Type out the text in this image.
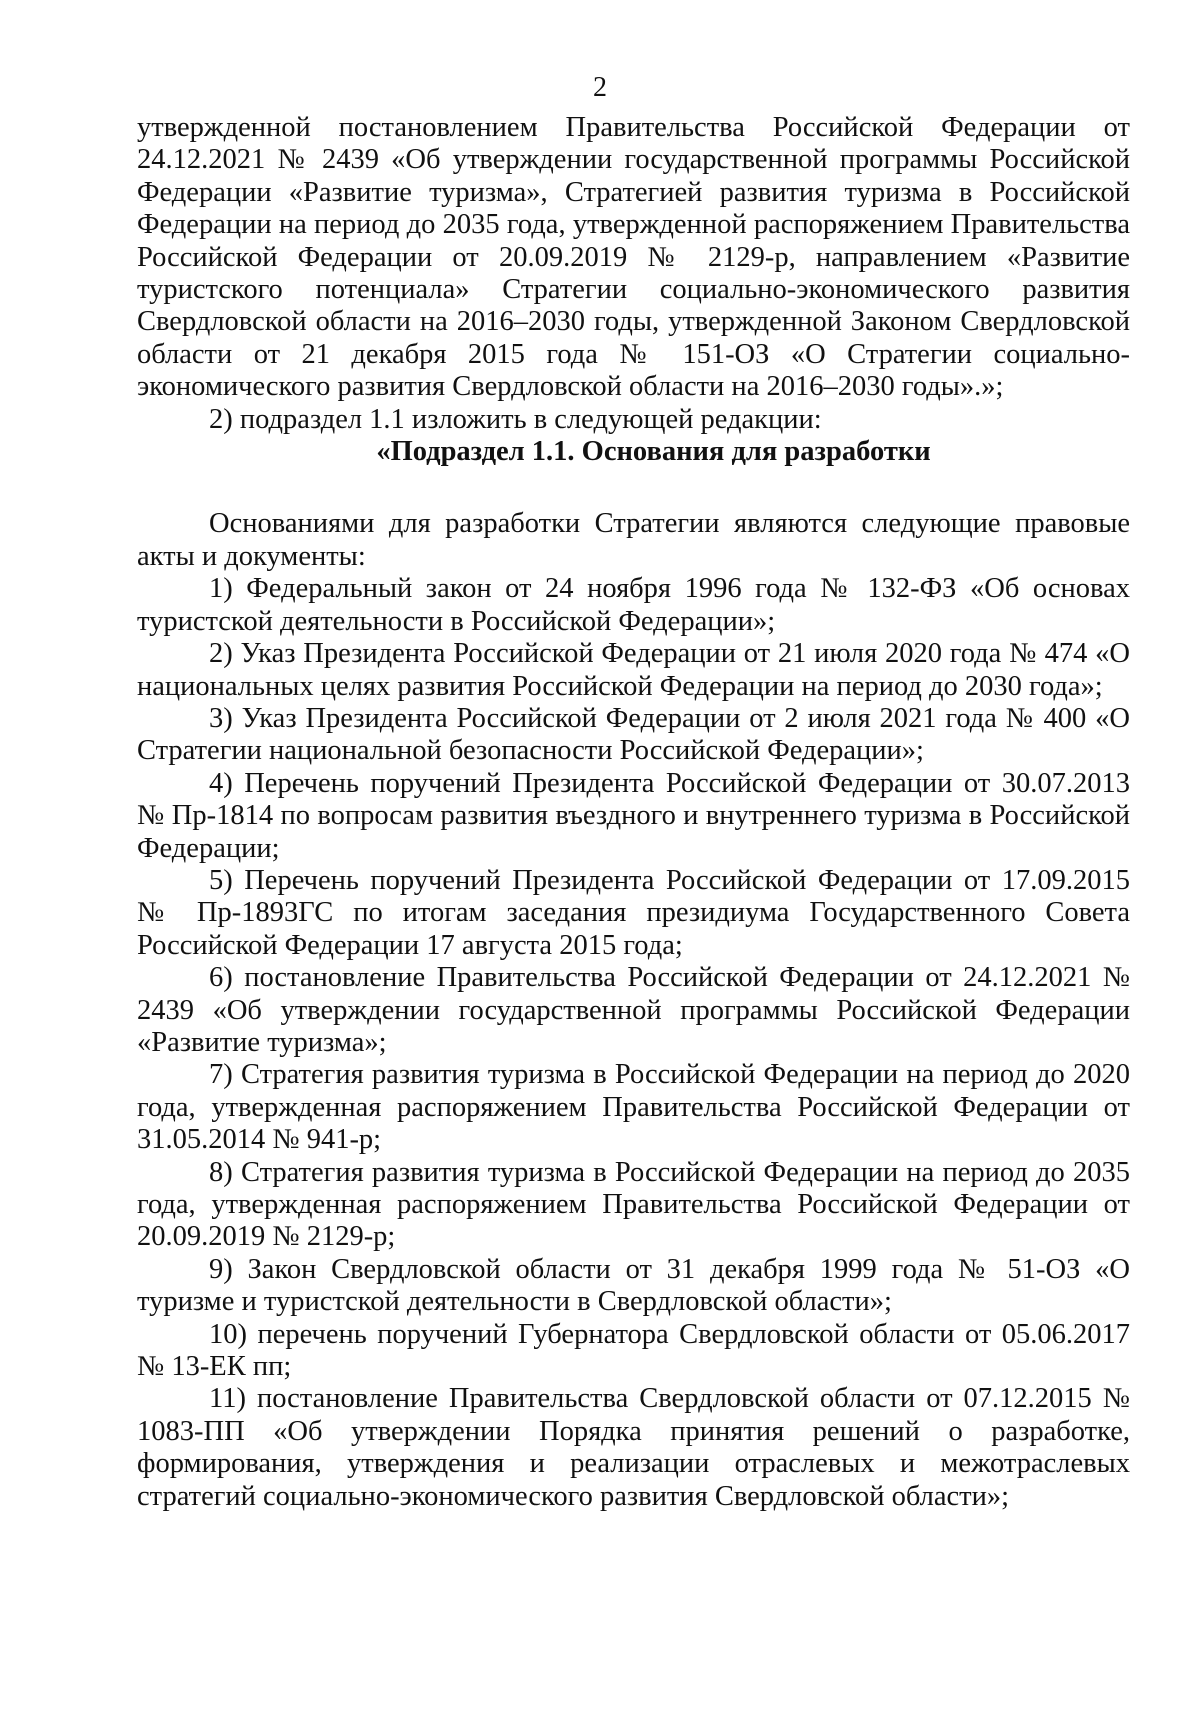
2

утвержденной постановлением Правительства Российской Федерации от 24.12.2021 № 2439 «Об утверждении государственной программы Российской Федерации «Развитие туризма», Стратегией развития туризма в Российской Федерации на период до 2035 года, утвержденной распоряжением Правительства Российской Федерации от 20.09.2019 № 2129-р, направлением «Развитие туристского потенциала» Стратегии социально-экономического развития Свердловской области на 2016–2030 годы, утвержденной Законом Свердловской области от 21 декабря 2015 года № 151-ОЗ «О Стратегии социально-экономического развития Свердловской области на 2016–2030 годы».»;

2) подраздел 1.1 изложить в следующей редакции:

«Подраздел 1.1. Основания для разработки

Основаниями для разработки Стратегии являются следующие правовые акты и документы:

1) Федеральный закон от 24 ноября 1996 года № 132-ФЗ «Об основах туристской деятельности в Российской Федерации»;

2) Указ Президента Российской Федерации от 21 июля 2020 года № 474 «О национальных целях развития Российской Федерации на период до 2030 года»;

3) Указ Президента Российской Федерации от 2 июля 2021 года № 400 «О Стратегии национальной безопасности Российской Федерации»;

4) Перечень поручений Президента Российской Федерации от 30.07.2013 № Пр-1814 по вопросам развития въездного и внутреннего туризма в Российской Федерации;

5) Перечень поручений Президента Российской Федерации от 17.09.2015 № Пр-1893ГС по итогам заседания президиума Государственного Совета Российской Федерации 17 августа 2015 года;

6) постановление Правительства Российской Федерации от 24.12.2021 № 2439 «Об утверждении государственной программы Российской Федерации «Развитие туризма»;

7) Стратегия развития туризма в Российской Федерации на период до 2020 года, утвержденная распоряжением Правительства Российской Федерации от 31.05.2014 № 941-р;

8) Стратегия развития туризма в Российской Федерации на период до 2035 года, утвержденная распоряжением Правительства Российской Федерации от 20.09.2019 № 2129-р;

9) Закон Свердловской области от 31 декабря 1999 года № 51-ОЗ «О туризме и туристской деятельности в Свердловской области»;

10) перечень поручений Губернатора Свердловской области от 05.06.2017 № 13-ЕК пп;

11) постановление Правительства Свердловской области от 07.12.2015 № 1083-ПП «Об утверждении Порядка принятия решений о разработке, формирования, утверждения и реализации отраслевых и межотраслевых стратегий социально-экономического развития Свердловской области»;
